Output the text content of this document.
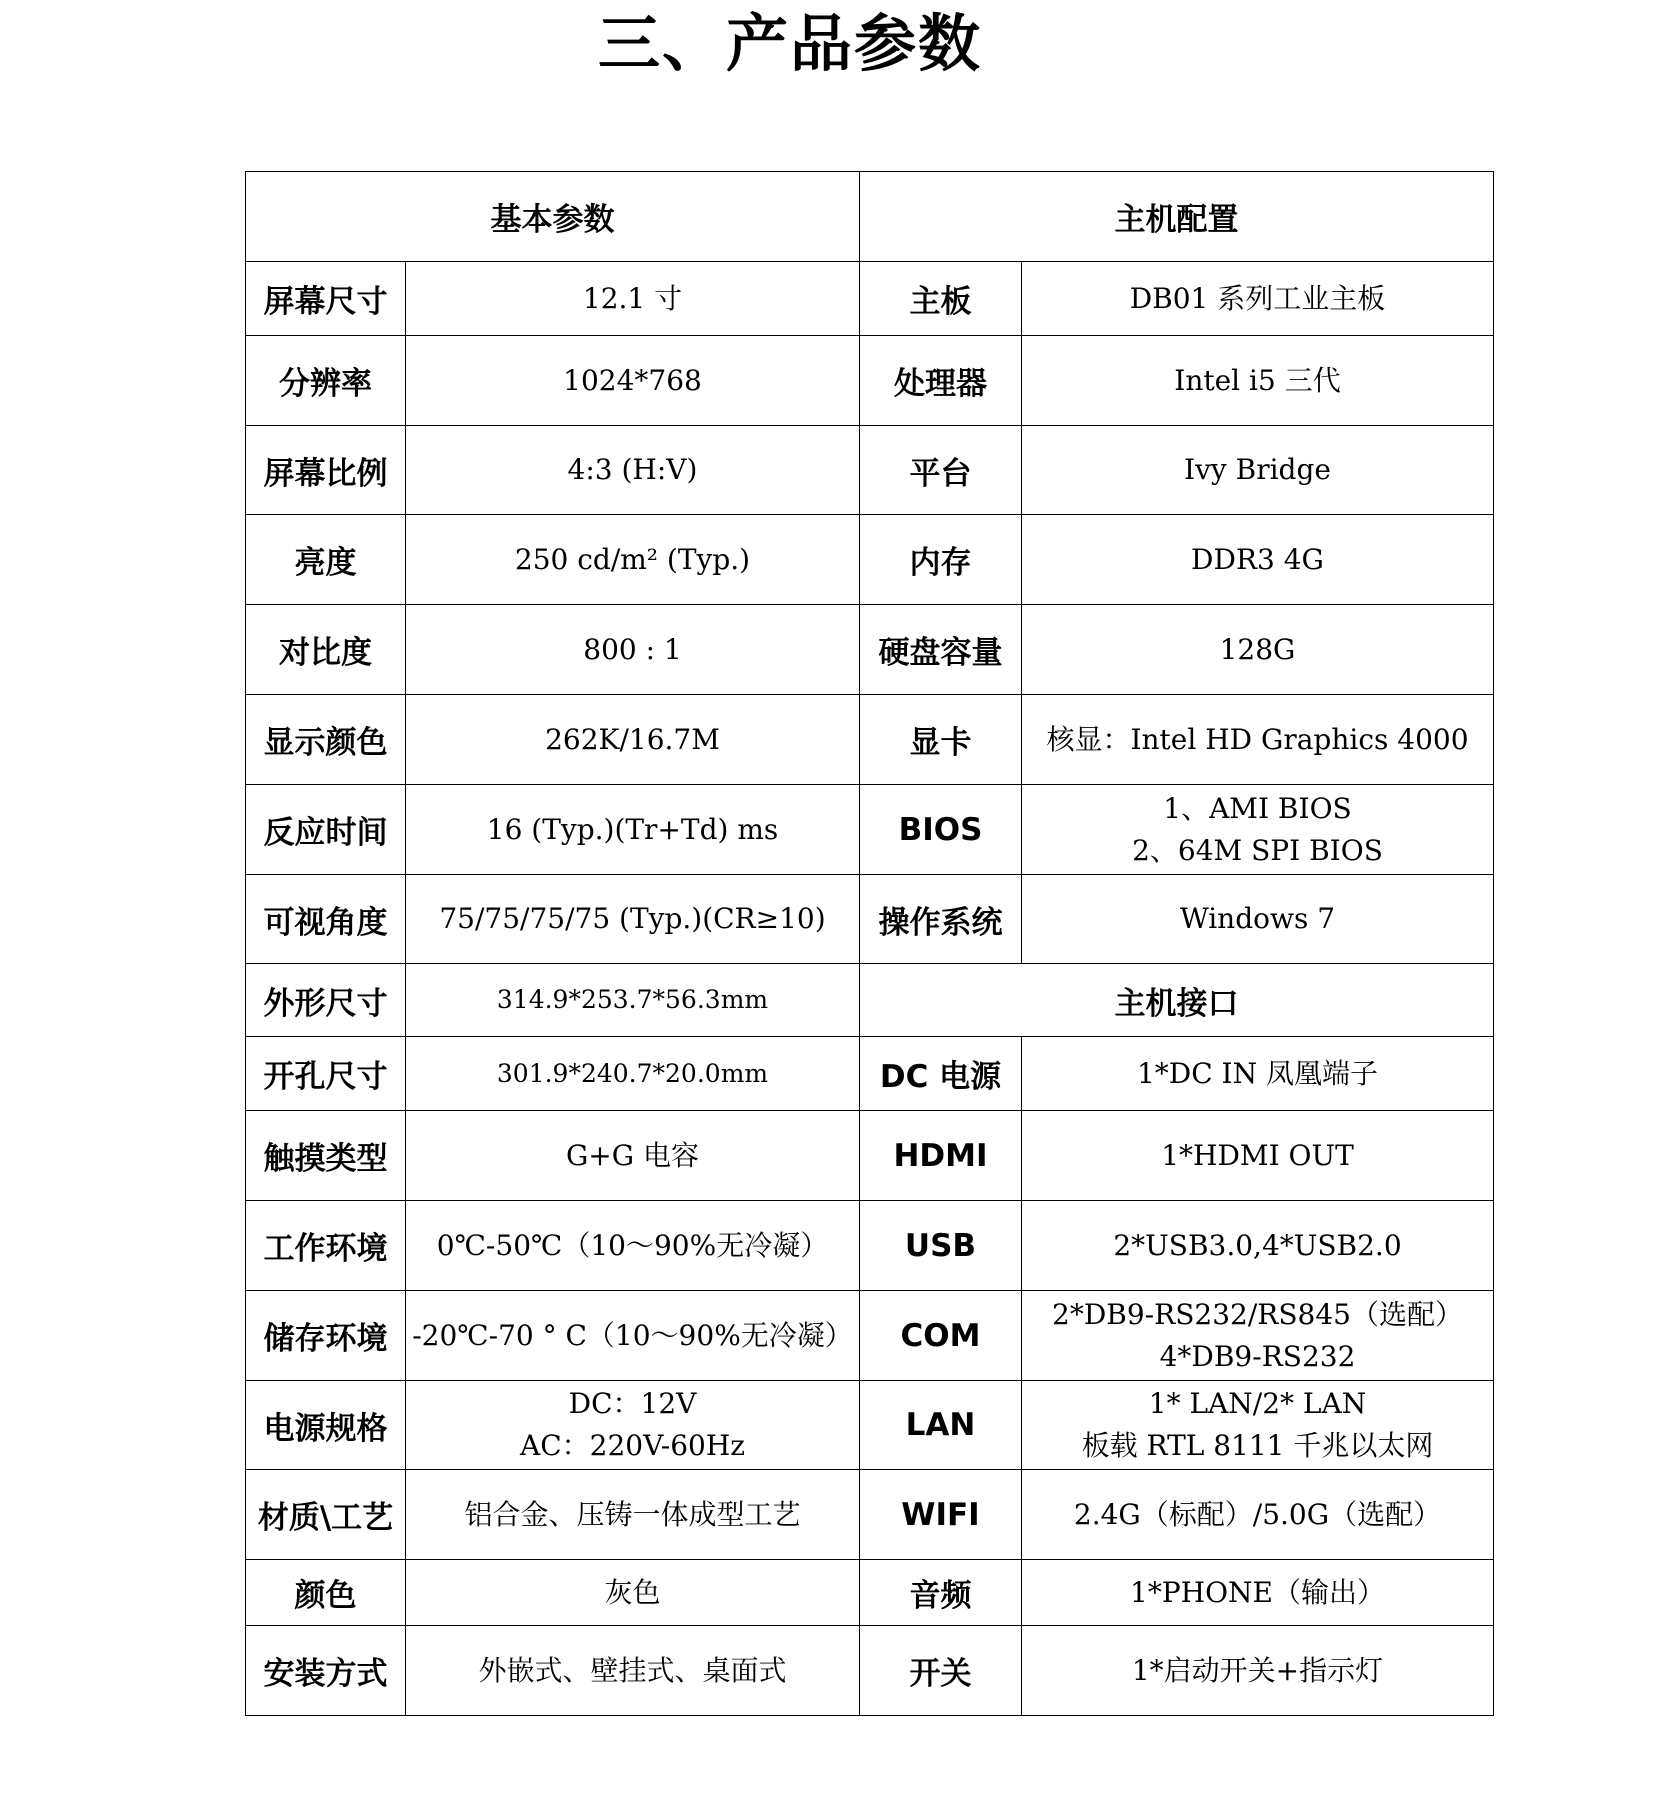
三、产品参数
基本参数		主机配置	
屏幕尺寸	12.1 寸	主板	DB01 系列工业主板

分辨率	1024*768	处理器	Intel i5 三代

屏幕比例	4:3 (H:V)	平台	Ivy Bridge

亮度	250 cd/m² (Typ.)	内存	DDR3 4G

对比度	800 : 1	硬盘容量	128G

显示颜色	262K/16.7M	显卡	核显：Intel HD Graphics 4000

反应时间	16 (Typ.)(Tr+Td) ms	BIOS	1、AMI BIOS
2、64M SPI BIOS

可视角度	75/75/75/75 (Typ.)(CR≥10)	操作系统	Windows 7

外形尺寸	314.9*253.7*56.3mm	主机接口	
开孔尺寸	301.9*240.7*20.0mm	DC 电源	1*DC IN 凤凰端子

触摸类型	G+G 电容	HDMI	1*HDMI OUT

工作环境	0℃-50℃（10～90%无冷凝）	USB	2*USB3.0,4*USB2.0

储存环境	-20℃-70 ° C（10～90%无冷凝）	COM	2*DB9-RS232/RS845（选配）
4*DB9-RS232

电源规格	DC：12V
AC：220V-60Hz	LAN	1* LAN/2* LAN
板载 RTL 8111 千兆以太网

材质\工艺	铝合金、压铸一体成型工艺	WIFI	2.4G（标配）/5.0G（选配）

颜色	灰色	音频	1*PHONE（输出）

安装方式	外嵌式、壁挂式、桌面式	开关	1*启动开关+指示灯
